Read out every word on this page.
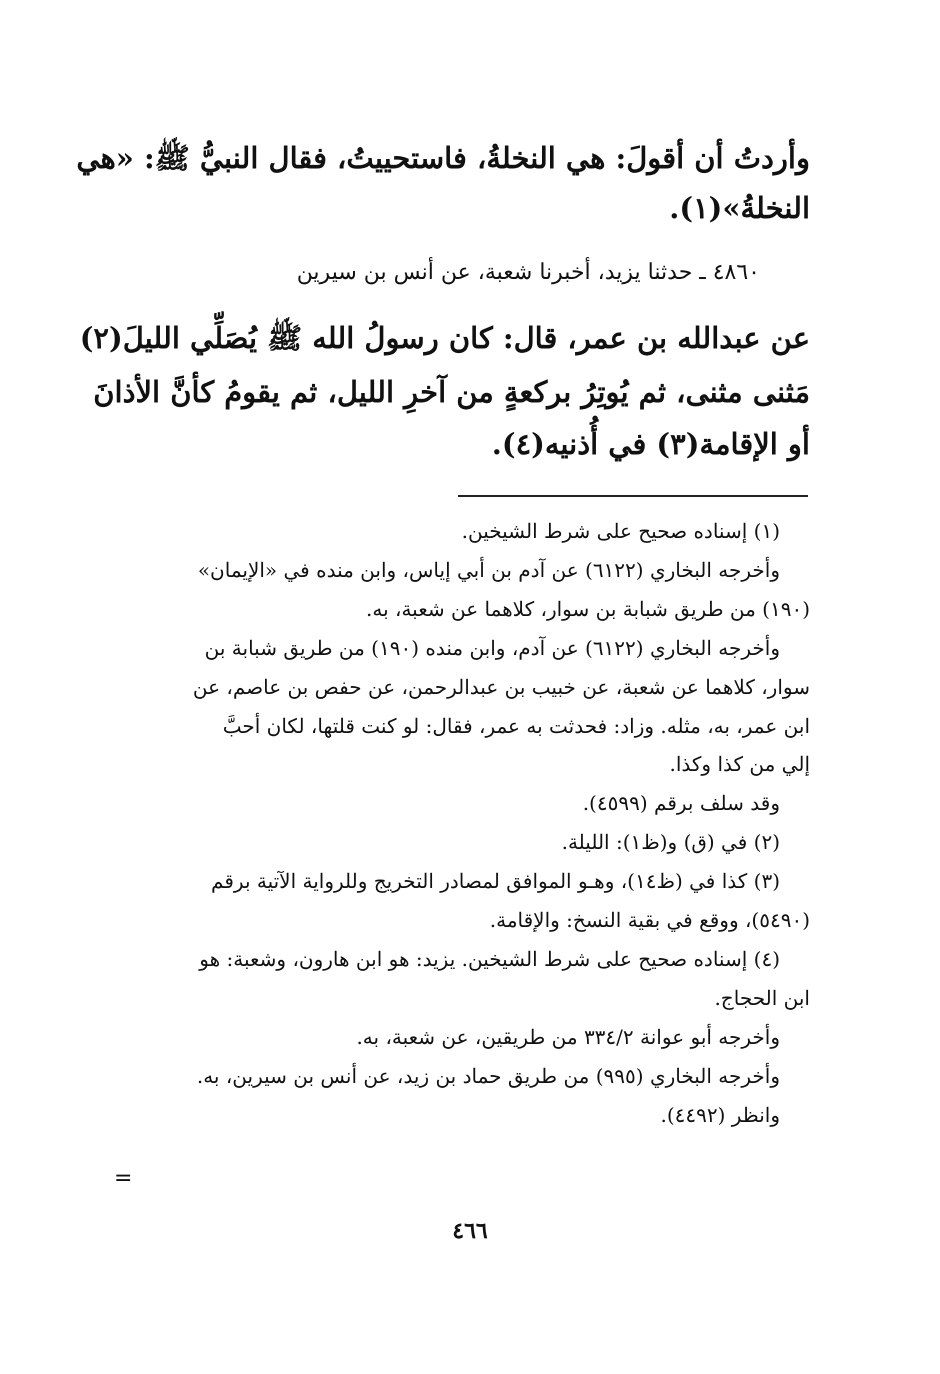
وأردتُ أن أقولَ: هي النخلةُ، فاستحييتُ، فقال النبيُّ ﷺ: «هي
النخلةُ»(١).
٤٨٦٠ ـ حدثنا يزيد، أخبرنا شعبة، عن أنس بن سيرين
عن عبدالله بن عمر، قال: كان رسولُ الله ﷺ يُصَلِّي الليلَ(٢)
مَثنى مثنى، ثم يُوتِرُ بركعةٍ من آخرِ الليل، ثم يقومُ كأنَّ الأذانَ
أو الإقامة(٣) في أُذنيه(٤).
(١) إسناده صحيح على شرط الشيخين.
وأخرجه البخاري (٦١٢٢) عن آدم بن أبي إياس، وابن منده في «الإيمان»
(١٩٠) من طريق شبابة بن سوار، كلاهما عن شعبة، به.
وأخرجه البخاري (٦١٢٢) عن آدم، وابن منده (١٩٠) من طريق شبابة بن
سوار، كلاهما عن شعبة، عن خبيب بن عبدالرحمن، عن حفص بن عاصم، عن
ابن عمر، به، مثله. وزاد: فحدثت به عمر، فقال: لو كنت قلتها، لكان أحبَّ
إلي من كذا وكذا.
وقد سلف برقم (٤٥٩٩).
(٢) في (ق) و(ظ١): الليلة.
(٣) كذا في (ظ١٤)، وهـو الموافق لمصادر التخريج وللرواية الآتية برقم
(٥٤٩٠)، ووقع في بقية النسخ: والإقامة.
(٤) إسناده صحيح على شرط الشيخين. يزيد: هو ابن هارون، وشعبة: هو
ابن الحجاج.
وأخرجه أبو عوانة ٣٣٤/٢ من طريقين، عن شعبة، به.
وأخرجه البخاري (٩٩٥) من طريق حماد بن زيد، عن أنس بن سيرين، به.
وانظر (٤٤٩٢).
=
٤٦٦
